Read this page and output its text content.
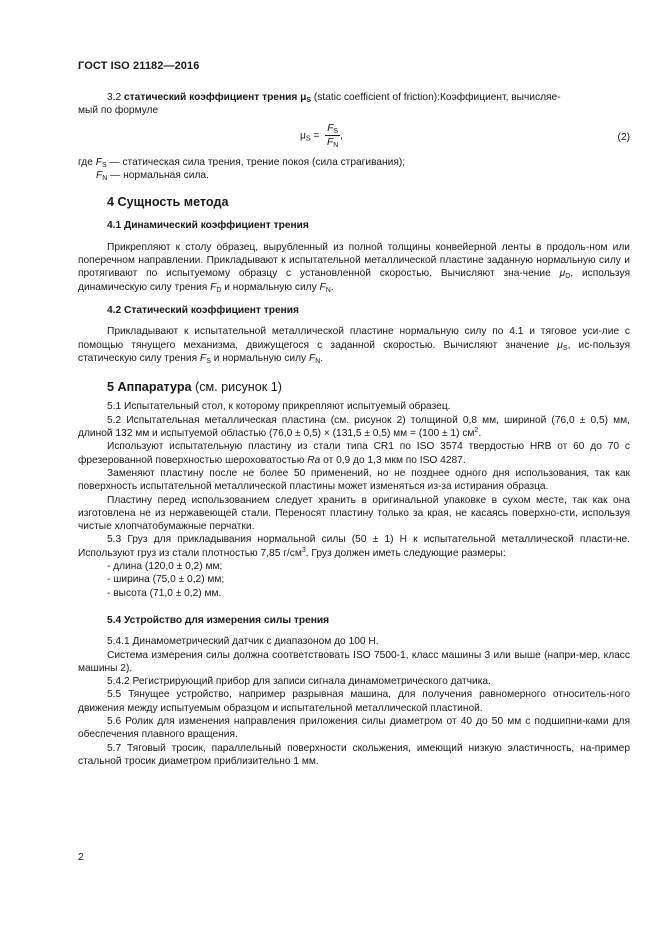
ГОСТ ISO 21182—2016

3.2 статический коэффициент трения $\mu_S$ (static coefficient of friction):Коэффициент, вычисляе-
мый по формуле

$\mu_S = \frac{F_S}{F_N}$ ,	(2)

где $F_S$ — статическая сила трения, трение покоя (сила страгивания);

$F_N$ — нормальная сила.

4 Сущность метода
4.1 Динамический коэффициент трения

Прикрепляют к столу образец, вырубленный из полной толщины конвейерной ленты в продоль-ном или поперечном направлении. Прикладывают к испытательной металлической пластине заданную нормальную силу и протягивают по испытуемому образцу с установленной скоростью. Вычисляют зна-чение $\mu_D$, используя динамическую силу трения $F_D$ и нормальную силу $F_N$.

4.2 Статический коэффициент трения

Прикладывают к испытательной металлической пластине нормальную силу по 4.1 и тяговое уси-лие с помощью тянущего механизма, движущегося с заданной скоростью. Вычисляют значение $\mu_S$, ис-пользуя статическую силу трения $F_S$ и нормальную силу $F_N$.

5 Аппаратура (см. рисунок 1)

5.1 Испытательный стол, к которому прикрепляют испытуемый образец.

5.2 Испытательная металлическая пластина (см. рисунок 2) толщиной 0,8 мм, шириной (76,0 ± 0,5) мм, длиной 132 мм и испытуемой областью (76,0 ± 0,5) × (131,5 ± 0,5) мм = (100 ± 1) $см^2$.

Используют испытательную пластину из стали типа CR1 по ISO 3574 твердостью HRB от 60 до 70 с фрезерованной поверхностью шероховатостью Ra от 0,9 до 1,3 мкм по ISO 4287.

Заменяют пластину после не более 50 применений, но не позднее одного дня использования, так как поверхность испытательной металлической пластины может изменяться из-за истирания образца.

Пластину перед использованием следует хранить в оригинальной упаковке в сухом месте, так как она изготовлена не из нержавеющей стали. Переносят пластину только за края, не касаясь поверхно-сти, используя чистые хлопчатобумажные перчатки.

5.3 Груз для прикладывания нормальной силы (50 ± 1) Н к испытательной металлической пласти-не. Используют груз из стали плотностью 7,85 $г/см^3$. Груз должен иметь следующие размеры:

- длина (120,0 ± 0,2) мм;

- ширина (75,0 ± 0,2) мм;

- высота (71,0 ± 0,2) мм.

5.4 Устройство для измерения силы трения

5.4.1 Динамометрический датчик с диапазоном до 100 Н.

Система измерения силы должна соответствовать ISO 7500-1, класс машины 3 или выше (напри-мер, класс машины 2).

5.4.2 Регистрирующий прибор для записи сигнала динамометрического датчика.

5.5 Тянущее устройство, например разрывная машина, для получения равномерного относитель-ного движения между испытуемым образцом и испытательной металлической пластиной.

5.6 Ролик для изменения направления приложения силы диаметром от 40 до 50 мм с подшипни-ками для обеспечения плавного вращения.

5.7 Тяговый тросик, параллельный поверхности скольжения, имеющий низкую эластичность, на-пример стальной тросик диаметром приблизительно 1 мм.

2
